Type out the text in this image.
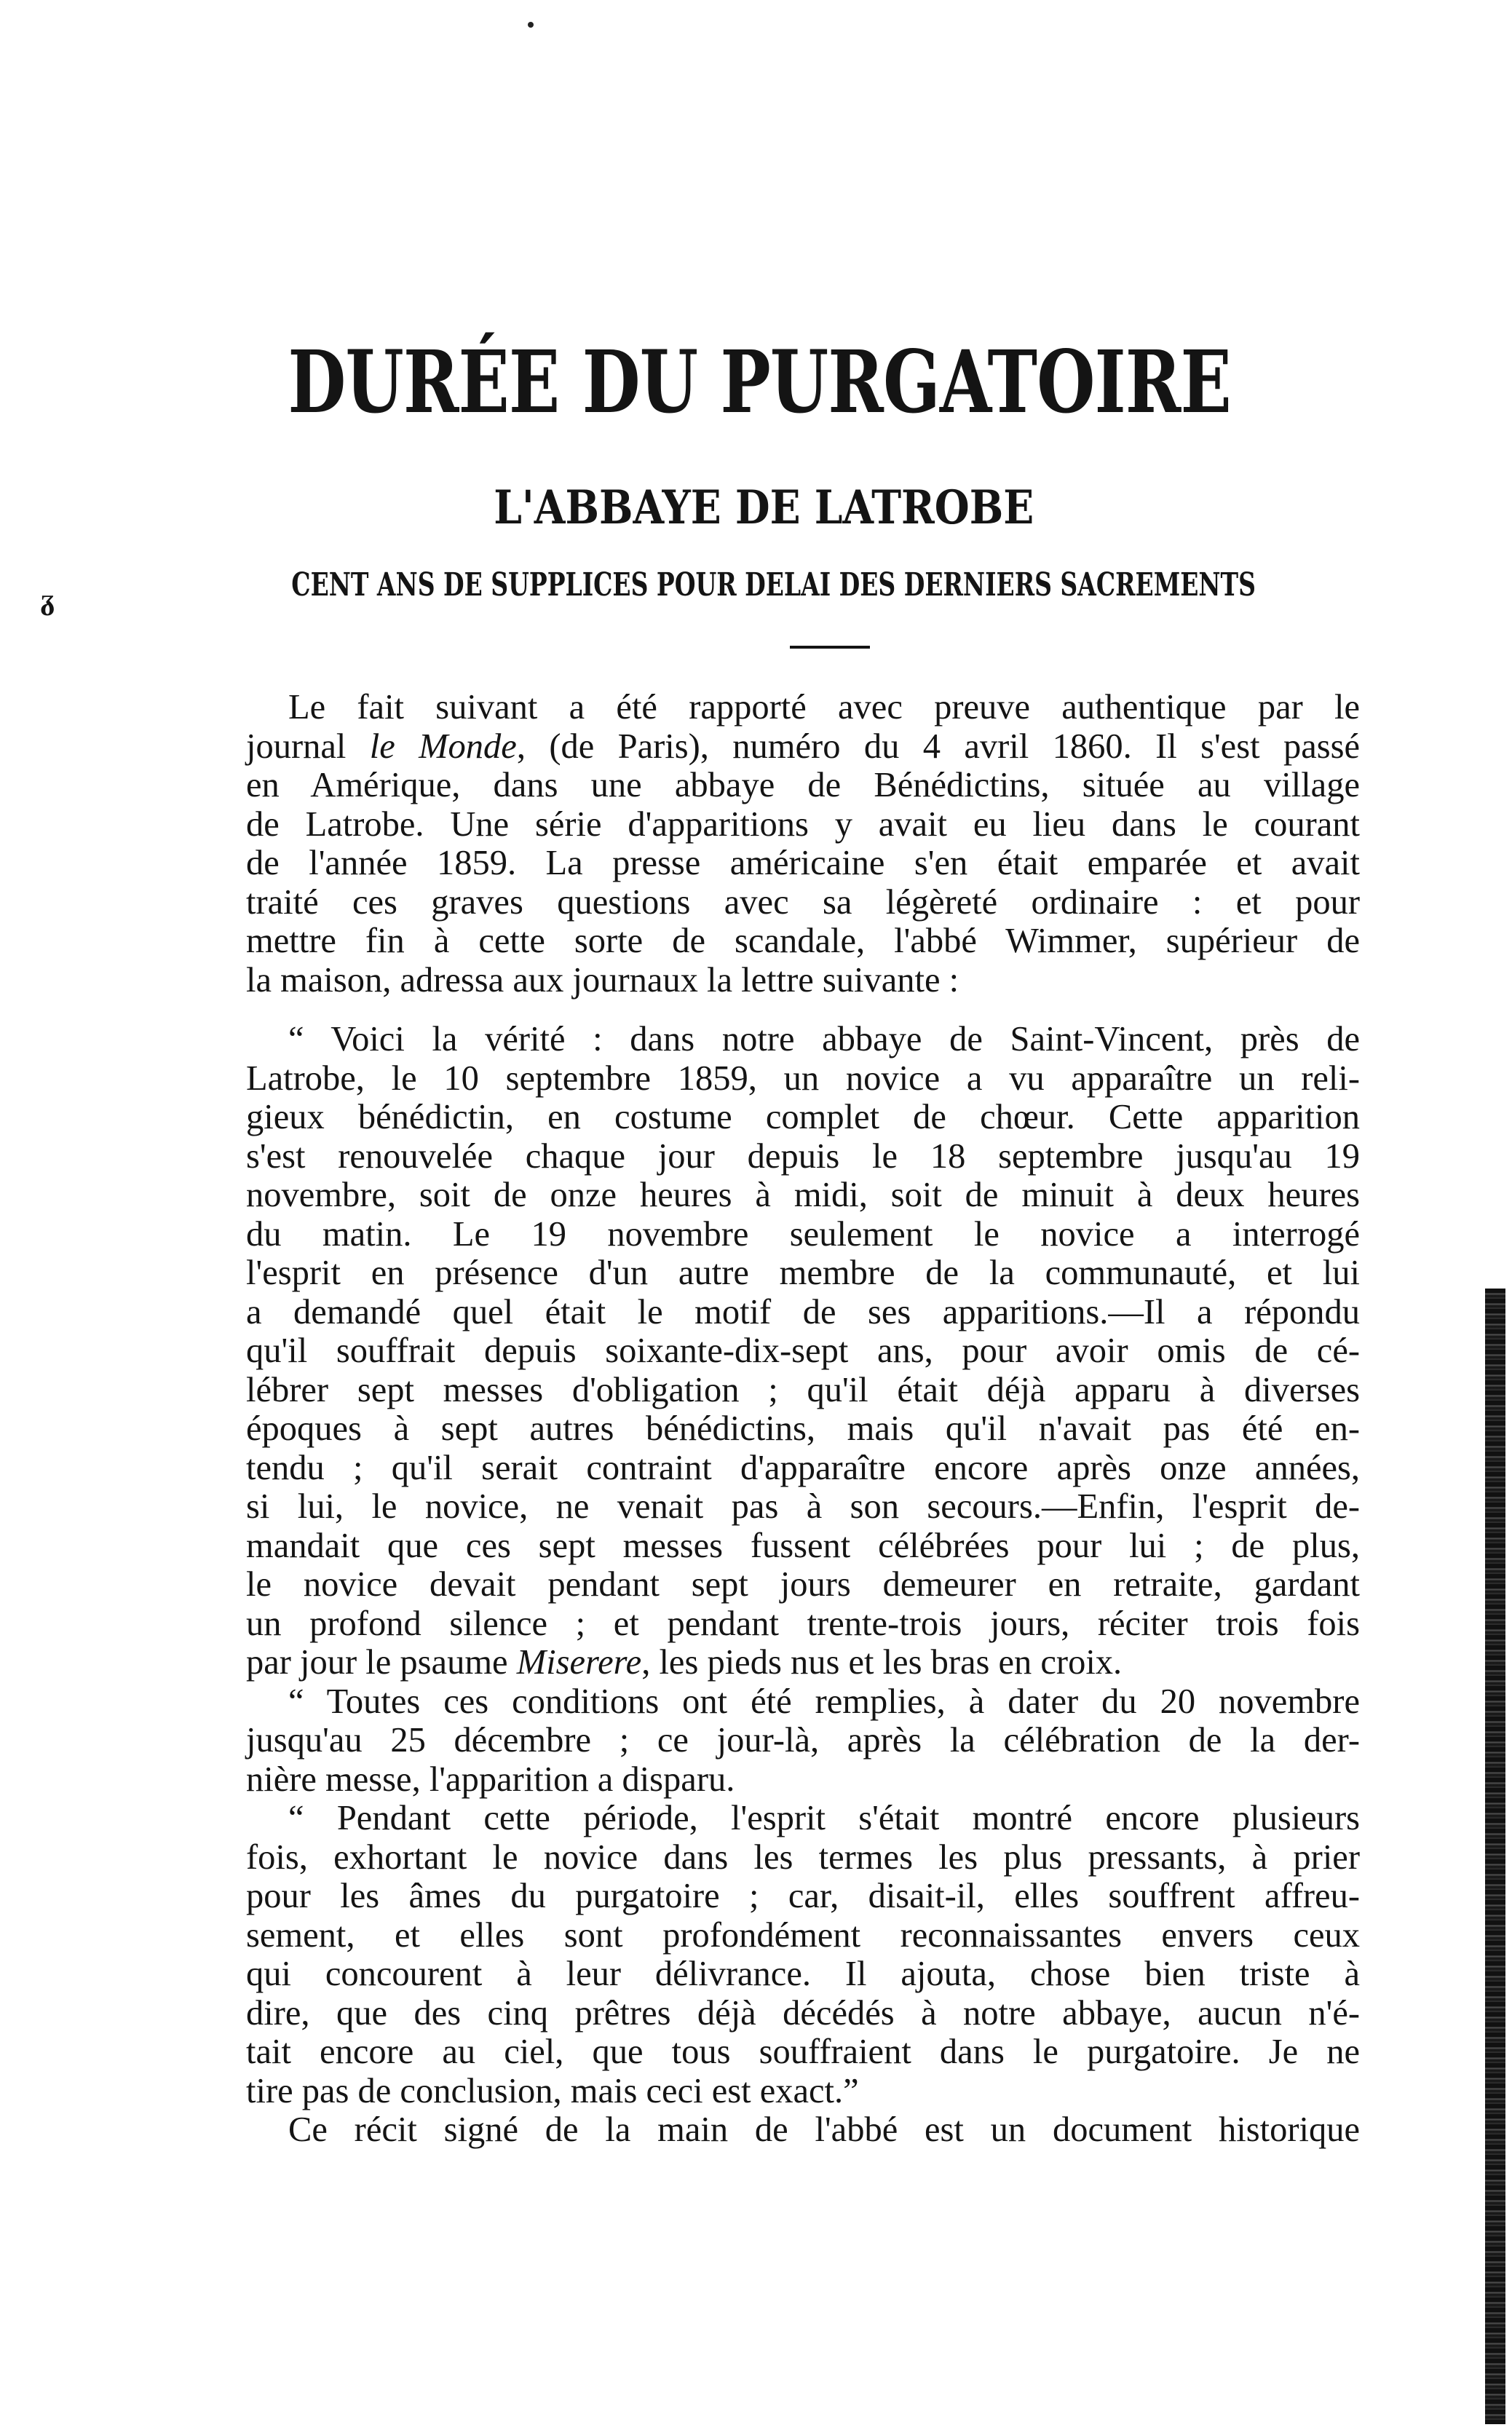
ᵹ
DURÉE DU PURGATOIRE
L'ABBAYE DE LATROBE
CENT ANS DE SUPPLICES POUR DELAI DES DERNIERS SACREMENTS

Le fait suivant a été rapporté avec preuve authentique par le
journal le Monde, (de Paris), numéro du 4 avril 1860. Il s'est passé
en Amérique, dans une abbaye de Bénédictins, située au village
de Latrobe. Une série d'apparitions y avait eu lieu dans le courant
de l'année 1859. La presse américaine s'en était emparée et avait
traité ces graves questions avec sa légèreté ordinaire : et pour
mettre fin à cette sorte de scandale, l'abbé Wimmer, supérieur de
la maison, adressa aux journaux la lettre suivante :

“ Voici la vérité : dans notre abbaye de Saint-Vincent, près de
Latrobe, le 10 septembre 1859, un novice a vu apparaître un reli-
gieux bénédictin, en costume complet de chœur. Cette apparition
s'est renouvelée chaque jour depuis le 18 septembre jusqu'au 19
novembre, soit de onze heures à midi, soit de minuit à deux heures
du matin. Le 19 novembre seulement le novice a interrogé
l'esprit en présence d'un autre membre de la communauté, et lui
a demandé quel était le motif de ses apparitions.—Il a répondu
qu'il souffrait depuis soixante-dix-sept ans, pour avoir omis de cé-
lébrer sept messes d'obligation ; qu'il était déjà apparu à diverses
époques à sept autres bénédictins, mais qu'il n'avait pas été en-
tendu ; qu'il serait contraint d'apparaître encore après onze années,
si lui, le novice, ne venait pas à son secours.—Enfin, l'esprit de-
mandait que ces sept messes fussent célébrées pour lui ; de plus,
le novice devait pendant sept jours demeurer en retraite, gardant
un profond silence ; et pendant trente-trois jours, réciter trois fois
par jour le psaume Miserere, les pieds nus et les bras en croix.

“ Toutes ces conditions ont été remplies, à dater du 20 novembre
jusqu'au 25 décembre ; ce jour-là, après la célébration de la der-
nière messe, l'apparition a disparu.

“ Pendant cette période, l'esprit s'était montré encore plusieurs
fois, exhortant le novice dans les termes les plus pressants, à prier
pour les âmes du purgatoire ; car, disait-il, elles souffrent affreu-
sement, et elles sont profondément reconnaissantes envers ceux
qui concourent à leur délivrance. Il ajouta, chose bien triste à
dire, que des cinq prêtres déjà décédés à notre abbaye, aucun n'é-
tait encore au ciel, que tous souffraient dans le purgatoire. Je ne
tire pas de conclusion, mais ceci est exact.”

Ce récit signé de la main de l'abbé est un document historique
